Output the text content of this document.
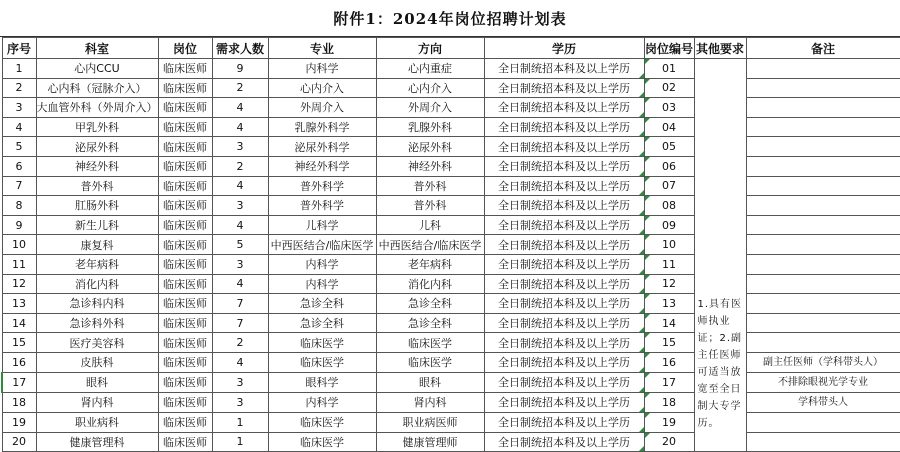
附件1：2024年岗位招聘计划表
序号	科室	岗位	需求人数	专业	方向	学历	岗位编号	其他要求	备注
1	心内CCU	临床医师	9	内科学	心内重症	全日制统招本科及以上学历	01	1.具有医师执业证；2.副主任医师可适当放宽至全日制大专学历。	

2	心内科（冠脉介入）	临床医师	2	心内介入	心内介入	全日制统招本科及以上学历	02		
3	大血管外科（外周介入）	临床医师	4	外周介入	外周介入	全日制统招本科及以上学历	03		
4	甲乳外科	临床医师	4	乳腺外科学	乳腺外科	全日制统招本科及以上学历	04		
5	泌尿外科	临床医师	3	泌尿外科学	泌尿外科	全日制统招本科及以上学历	05		
6	神经外科	临床医师	2	神经外科学	神经外科	全日制统招本科及以上学历	06		
7	普外科	临床医师	4	普外科学	普外科	全日制统招本科及以上学历	07		
8	肛肠外科	临床医师	3	普外科学	普外科	全日制统招本科及以上学历	08		
9	新生儿科	临床医师	4	儿科学	儿科	全日制统招本科及以上学历	09		
10	康复科	临床医师	5	中西医结合/临床医学	中西医结合/临床医学	全日制统招本科及以上学历	10		
11	老年病科	临床医师	3	内科学	老年病科	全日制统招本科及以上学历	11		
12	消化内科	临床医师	4	内科学	消化内科	全日制统招本科及以上学历	12		
13	急诊科内科	临床医师	7	急诊全科	急诊全科	全日制统招本科及以上学历	13		
14	急诊科外科	临床医师	7	急诊全科	急诊全科	全日制统招本科及以上学历	14		
15	医疗美容科	临床医师	2	临床医学	临床医学	全日制统招本科及以上学历	15		
16	皮肤科	临床医师	4	临床医学	临床医学	全日制统招本科及以上学历	16		副主任医师（学科带头人）
17	眼科	临床医师	3	眼科学	眼科	全日制统招本科及以上学历	17		不排除眼视光学专业
18	肾内科	临床医师	3	内科学	肾内科	全日制统招本科及以上学历	18		学科带头人
19	职业病科	临床医师	1	临床医学	职业病医师	全日制统招本科及以上学历	19		
20	健康管理科	临床医师	1	临床医学	健康管理师	全日制统招本科及以上学历	20		
